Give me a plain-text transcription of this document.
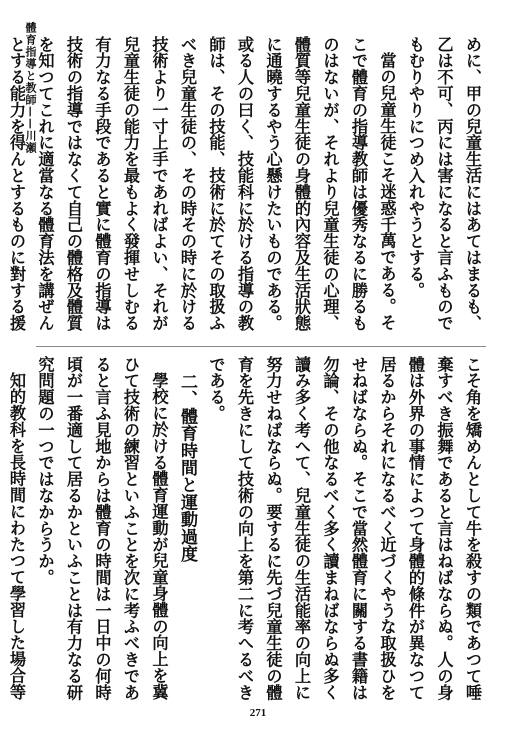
體育指導と教師——川瀬	めに、甲の兒童生活にはあてはまるも、乙は不可、丙には害になると言ふものでもむりやりにつめ入れやうとする。

當の兒童生徒こそ迷惑千萬である。そこで體育の指導教師は優秀なるに勝るものはないが、それより兒童生徒の心理、體質等兒童生徒の身體的內容及生活狀態に通曉するやう心懸けたいものである。或る人の曰く、技能科に於ける指導の教師は、その技能、技術に於てその取扱ふべき兒童生徒の、その時その時に於ける技術より一寸上手であればよい、それが兒童生徒の能力を最もよく發揮せしむる有力なる手段であると實に體育の指導は技術の指導ではなくて自己の體格及體質を知つてこれに適當なる體育法を講ぜんとする能力を得んとするものに對する援

こそ角を矯めんとして牛を殺すの類であつて唾棄すべき振舞であると言はねばならぬ。人の身體は外界の事情によつて身體的條件が異なつて居るからそれになるべく近づくやうな取扱ひをせねばならぬ。そこで當然體育に關する書籍は勿論、その他なるべく多く讀まねばならぬ多く讀み多く考へて、兒童生徒の生活能率の向上に努力せねばならぬ。要するに先づ兒童生徒の體育を先きにして技術の向上を第二に考へるべきである。

二、體育時間と運動過度

學校に於ける體育運動が兒童身體の向上を冀ひて技術の練習といふことを次に考ふべきであると言ふ見地からは體育の時間は一日中の何時頃が一番適して居るかといふことは有力なる研究問題の一つではなからうか。

知的教科を長時間にわたつて學習した場合等

271
